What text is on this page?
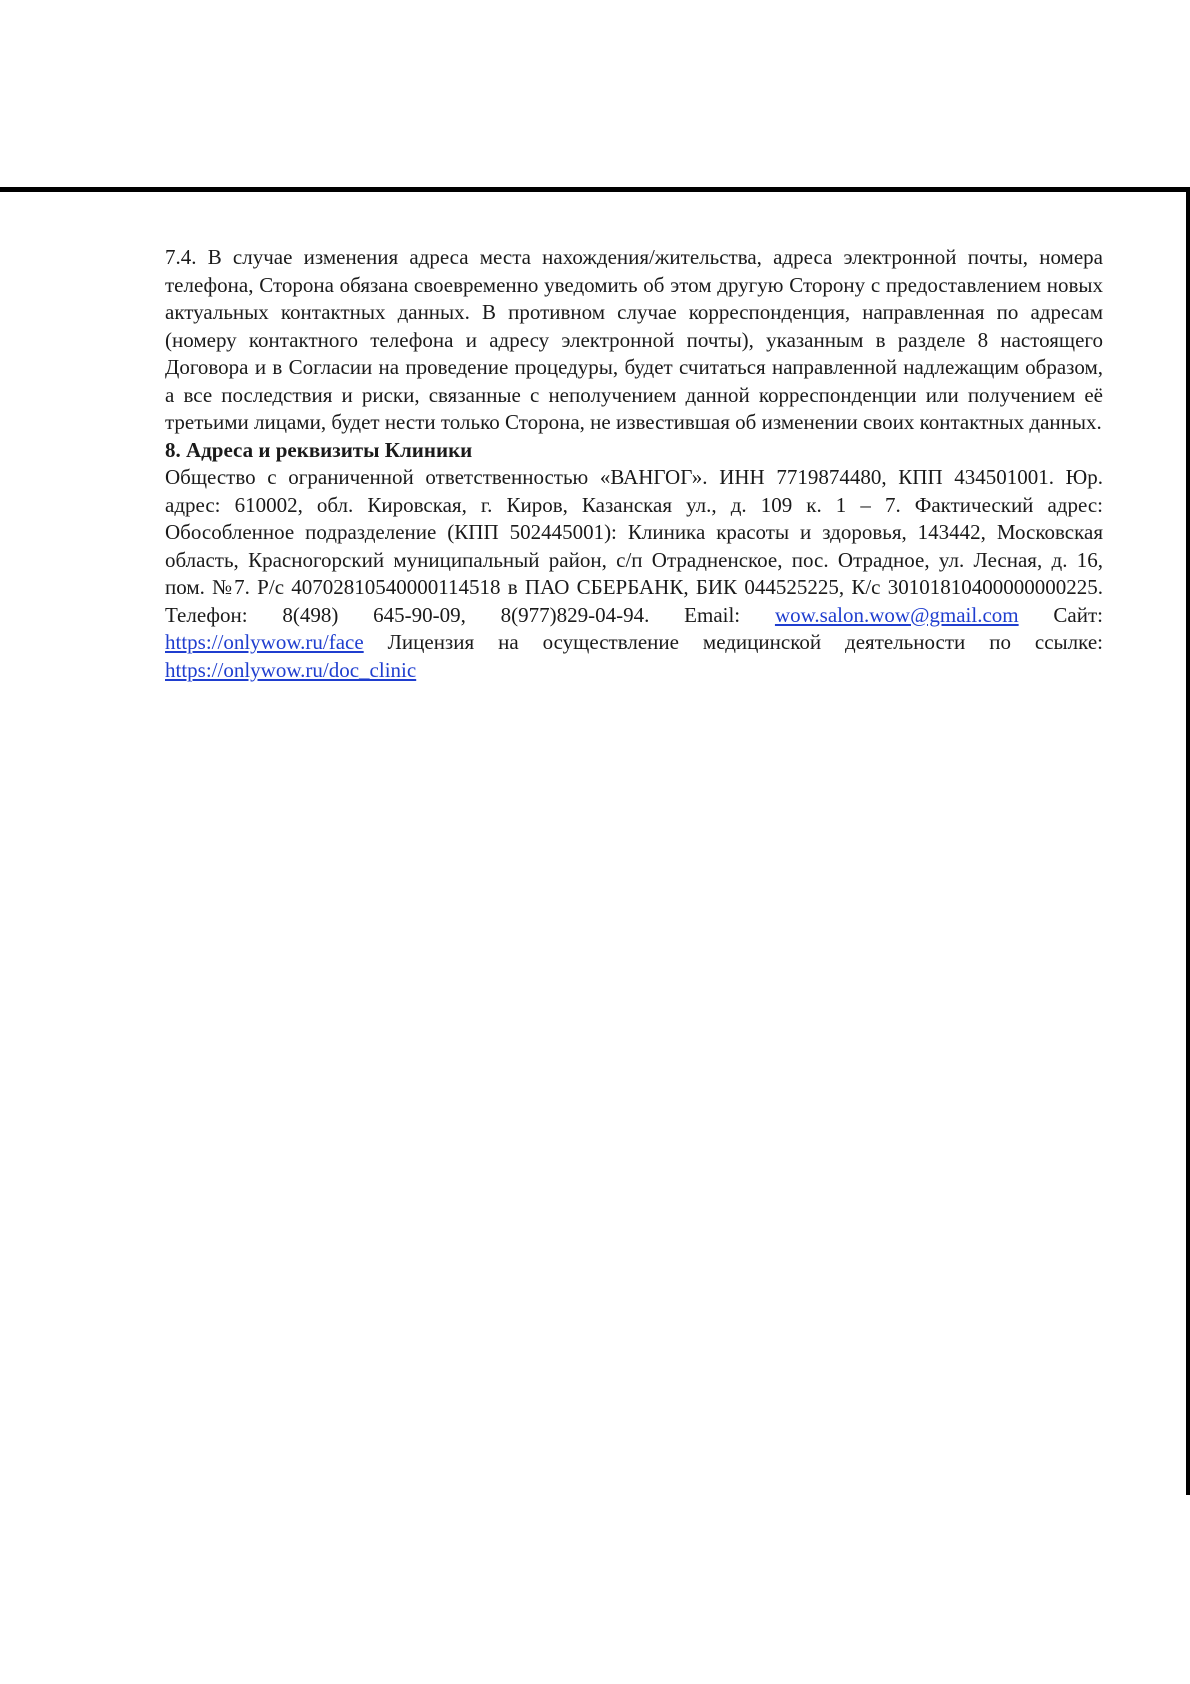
7.4. В случае изменения адреса места нахождения/жительства, адреса электронной почты, номера телефона, Сторона обязана своевременно уведомить об этом другую Сторону с предоставлением новых актуальных контактных данных. В противном случае корреспонденция, направленная по адресам (номеру контактного телефона и адресу электронной почты), указанным в разделе 8 настоящего Договора и в Согласии на проведение процедуры, будет считаться направленной надлежащим образом, а все последствия и риски, связанные с неполучением данной корреспонденции или получением её третьими лицами, будет нести только Сторона, не известившая об изменении своих контактных данных.

8. Адреса и реквизиты Клиники

Общество с ограниченной ответственностью «ВАНГОГ». ИНН 7719874480, КПП 434501001. Юр. адрес: 610002, обл. Кировская, г. Киров, Казанская ул., д. 109 к. 1 – 7. Фактический адрес: Обособленное подразделение (КПП 502445001): Клиника красоты и здоровья, 143442, Московская область, Красногорский муниципальный район, с/п Отрадненское, пос. Отрадное, ул. Лесная, д. 16, пом. №7. Р/с 40702810540000114518 в ПАО СБЕРБАНК, БИК 044525225, К/с 30101810400000000225. Телефон: 8(498) 645-90-09, 8(977)829-04-94. Email: wow.salon.wow@gmail.com Сайт: https://onlywow.ru/face Лицензия на осуществление медицинской деятельности по ссылке: https://onlywow.ru/doc_clinic
